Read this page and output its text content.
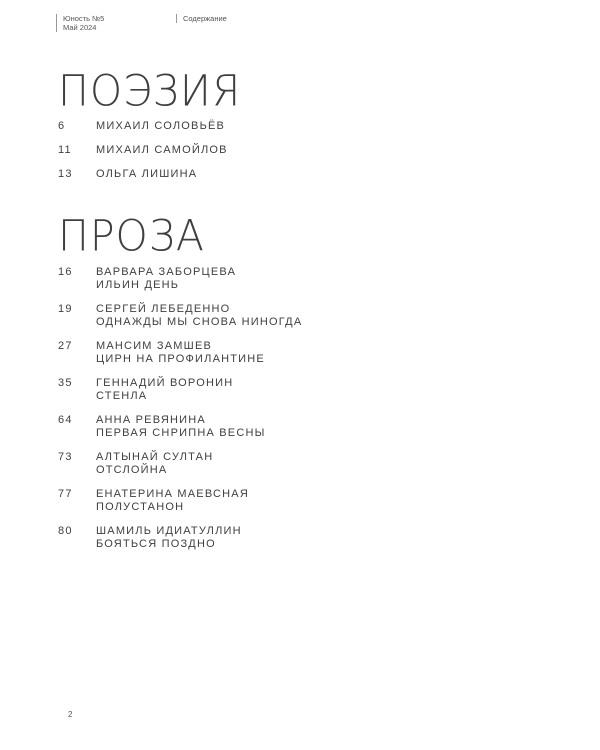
Юность №5
Май 2024
Содержание
ПОЭЗИЯ
6	МИХАИЛ СОЛОВЬЁВ
11	МИХАИЛ САМОЙЛОВ
13	ОЛЬГА ЛИШИНА
ПРОЗА
16	ВАРВАРА ЗАБОРЦЕВА
ИЛЬИН ДЕНЬ
19	СЕРГЕЙ ЛЕБЕДЕННО
ОДНАЖДЫ МЫ СНОВА НИНОГДА
27	МАНСИМ ЗАМШЕВ
ЦИРН НА ПРОФИЛАНТИНЕ
35	ГЕННАДИЙ ВОРОНИН
СТЕНЛА
64	АННА РЕВЯНИНА
ПЕРВАЯ СНРИПНА ВЕСНЫ
73	АЛТЫНАЙ СУЛТАН
ОТСЛОЙНА
77	ЕНАТЕРИНА МАЕВСНАЯ
ПОЛУСТАНОН
80	ШАМИЛЬ ИДИАТУЛЛИН
БОЯТЬСЯ ПОЗДНО
2
